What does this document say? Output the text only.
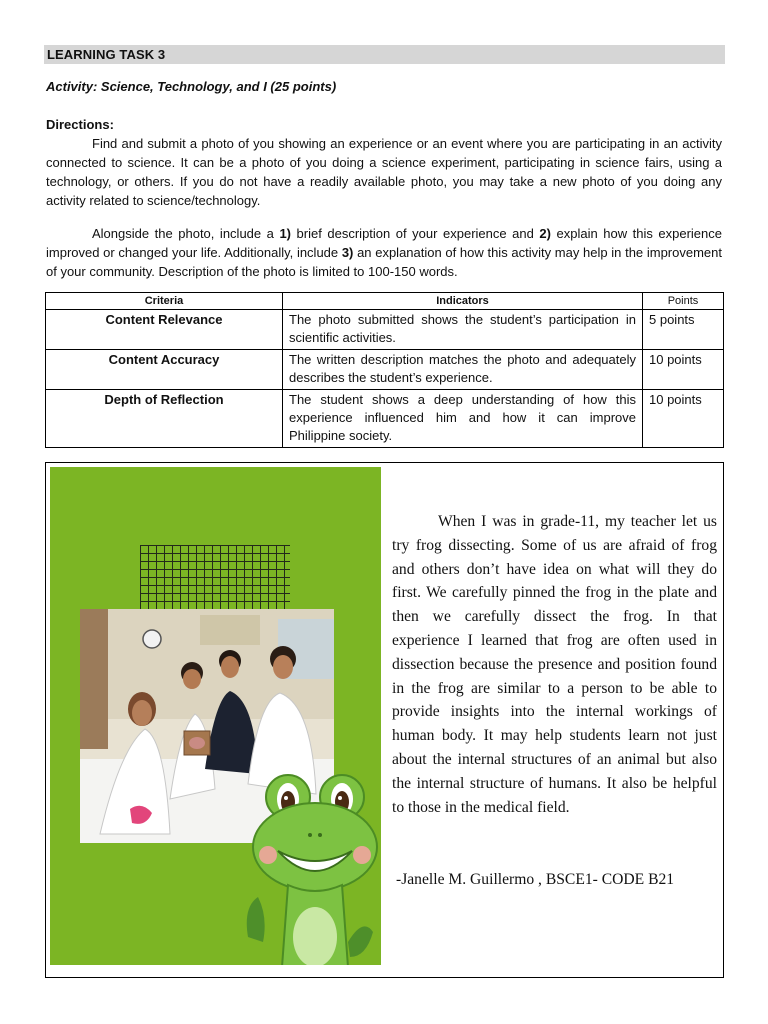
LEARNING TASK 3
Activity: Science, Technology, and I (25 points)
Directions:
Find and submit a photo of you showing an experience or an event where you are participating in an activity connected to science. It can be a photo of you doing a science experiment, participating in science fairs, using a technology, or others. If you do not have a readily available photo, you may take a new photo of you doing any activity related to science/technology.
Alongside the photo, include a 1) brief description of your experience and 2) explain how this experience improved or changed your life. Additionally, include 3) an explanation of how this activity may help in the improvement of your community. Description of the photo is limited to 100-150 words.
Criteria	Indicators	Points
Content Relevance	The photo submitted shows the student’s participation in scientific activities.	5 points
Content Accuracy	The written description matches the photo and adequately describes the student’s experience.	10 points
Depth of Reflection	The student shows a deep understanding of how this experience influenced him and how it can improve Philippine society.	10 points
When I was in grade-11, my teacher let us try frog dissecting. Some of us are afraid of frog and others don’t have idea on what will they do first. We carefully pinned the frog in the plate and then we carefully dissect the frog. In that experience I learned that frog are often used in dissection because the presence and position found in the frog are similar to a person to be able to provide insights into the internal workings of human body. It may help students learn not just about the internal structures of an animal but also the internal structure of humans. It also be helpful to those in the medical field.
-Janelle M. Guillermo , BSCE1- CODE B21
